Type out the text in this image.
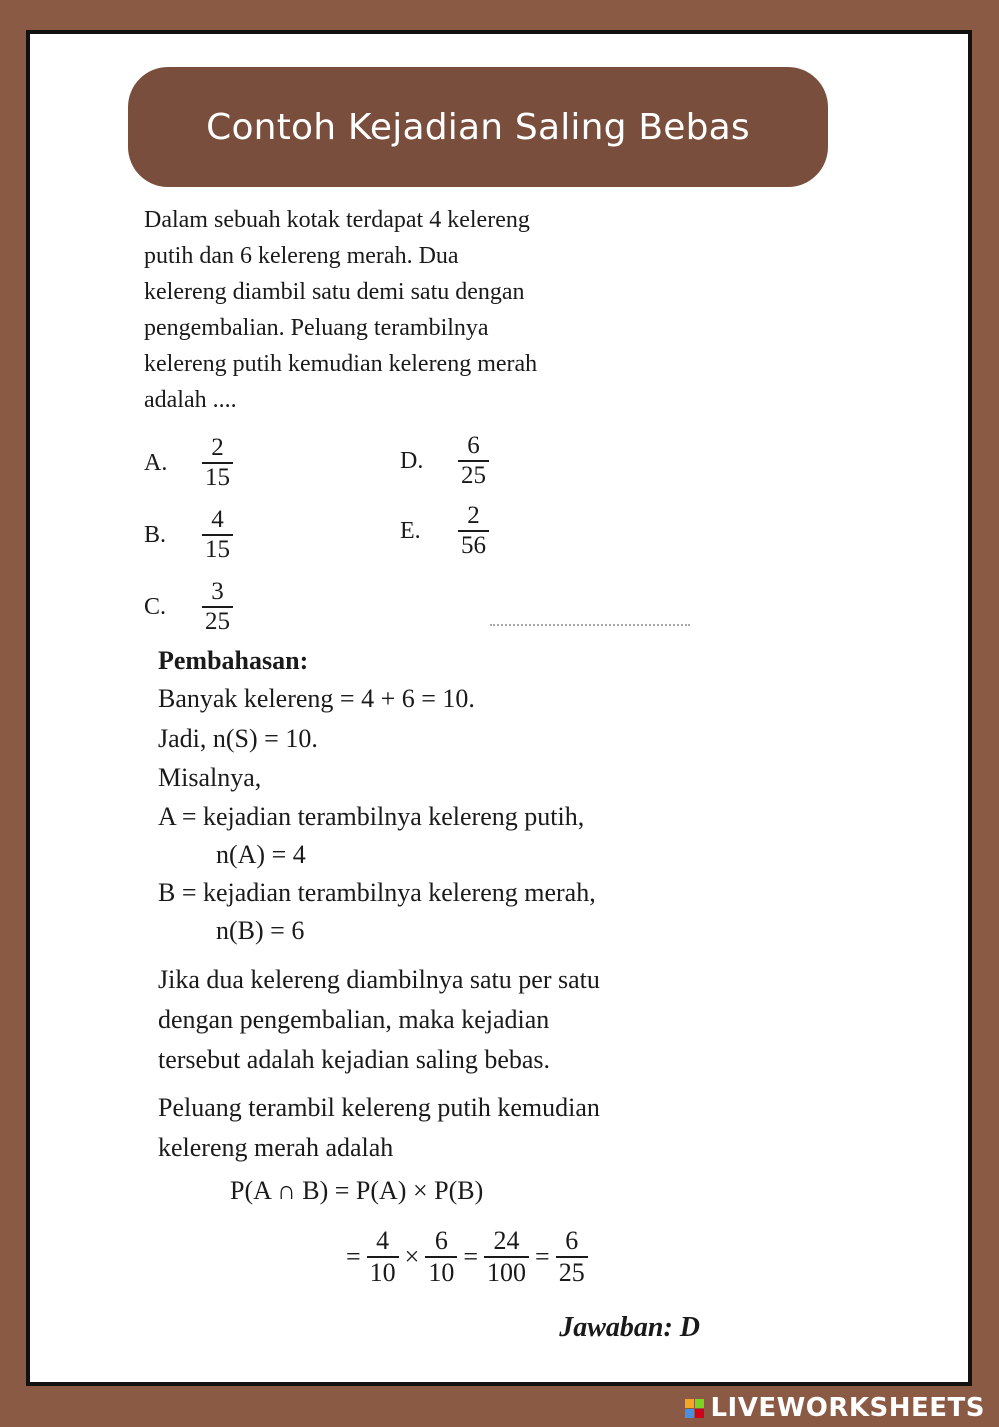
Contoh Kejadian Saling Bebas
Dalam sebuah kotak terdapat 4 kelereng
putih dan 6 kelereng merah. Dua
kelereng diambil satu demi satu dengan
pengembalian. Peluang terambilnya
kelereng putih kemudian kelereng merah
adalah ....
A.	$\frac{2}{15}$
B.	$\frac{4}{15}$
C.	$\frac{3}{25}$
D.	$\frac{6}{25}$
E.	$\frac{2}{56}$
Pembahasan:
Banyak kelereng = 4 + 6 = 10.
Jadi, n(S) = 10.
Misalnya,
A = kejadian terambilnya kelereng putih,
n(A) = 4
B = kejadian terambilnya kelereng merah,
n(B) = 6
Jika dua kelereng diambilnya satu per satu
dengan pengembalian, maka kejadian
tersebut adalah kejadian saling bebas.
Peluang terambil kelereng putih kemudian
kelereng merah adalah
P(A ∩ B) = P(A) × P(B)
= $\frac{4}{10} \times \frac{6}{10} = \frac{24}{100} = \frac{6}{25}$
Jawaban: D
LIVEWORKSHEETS
